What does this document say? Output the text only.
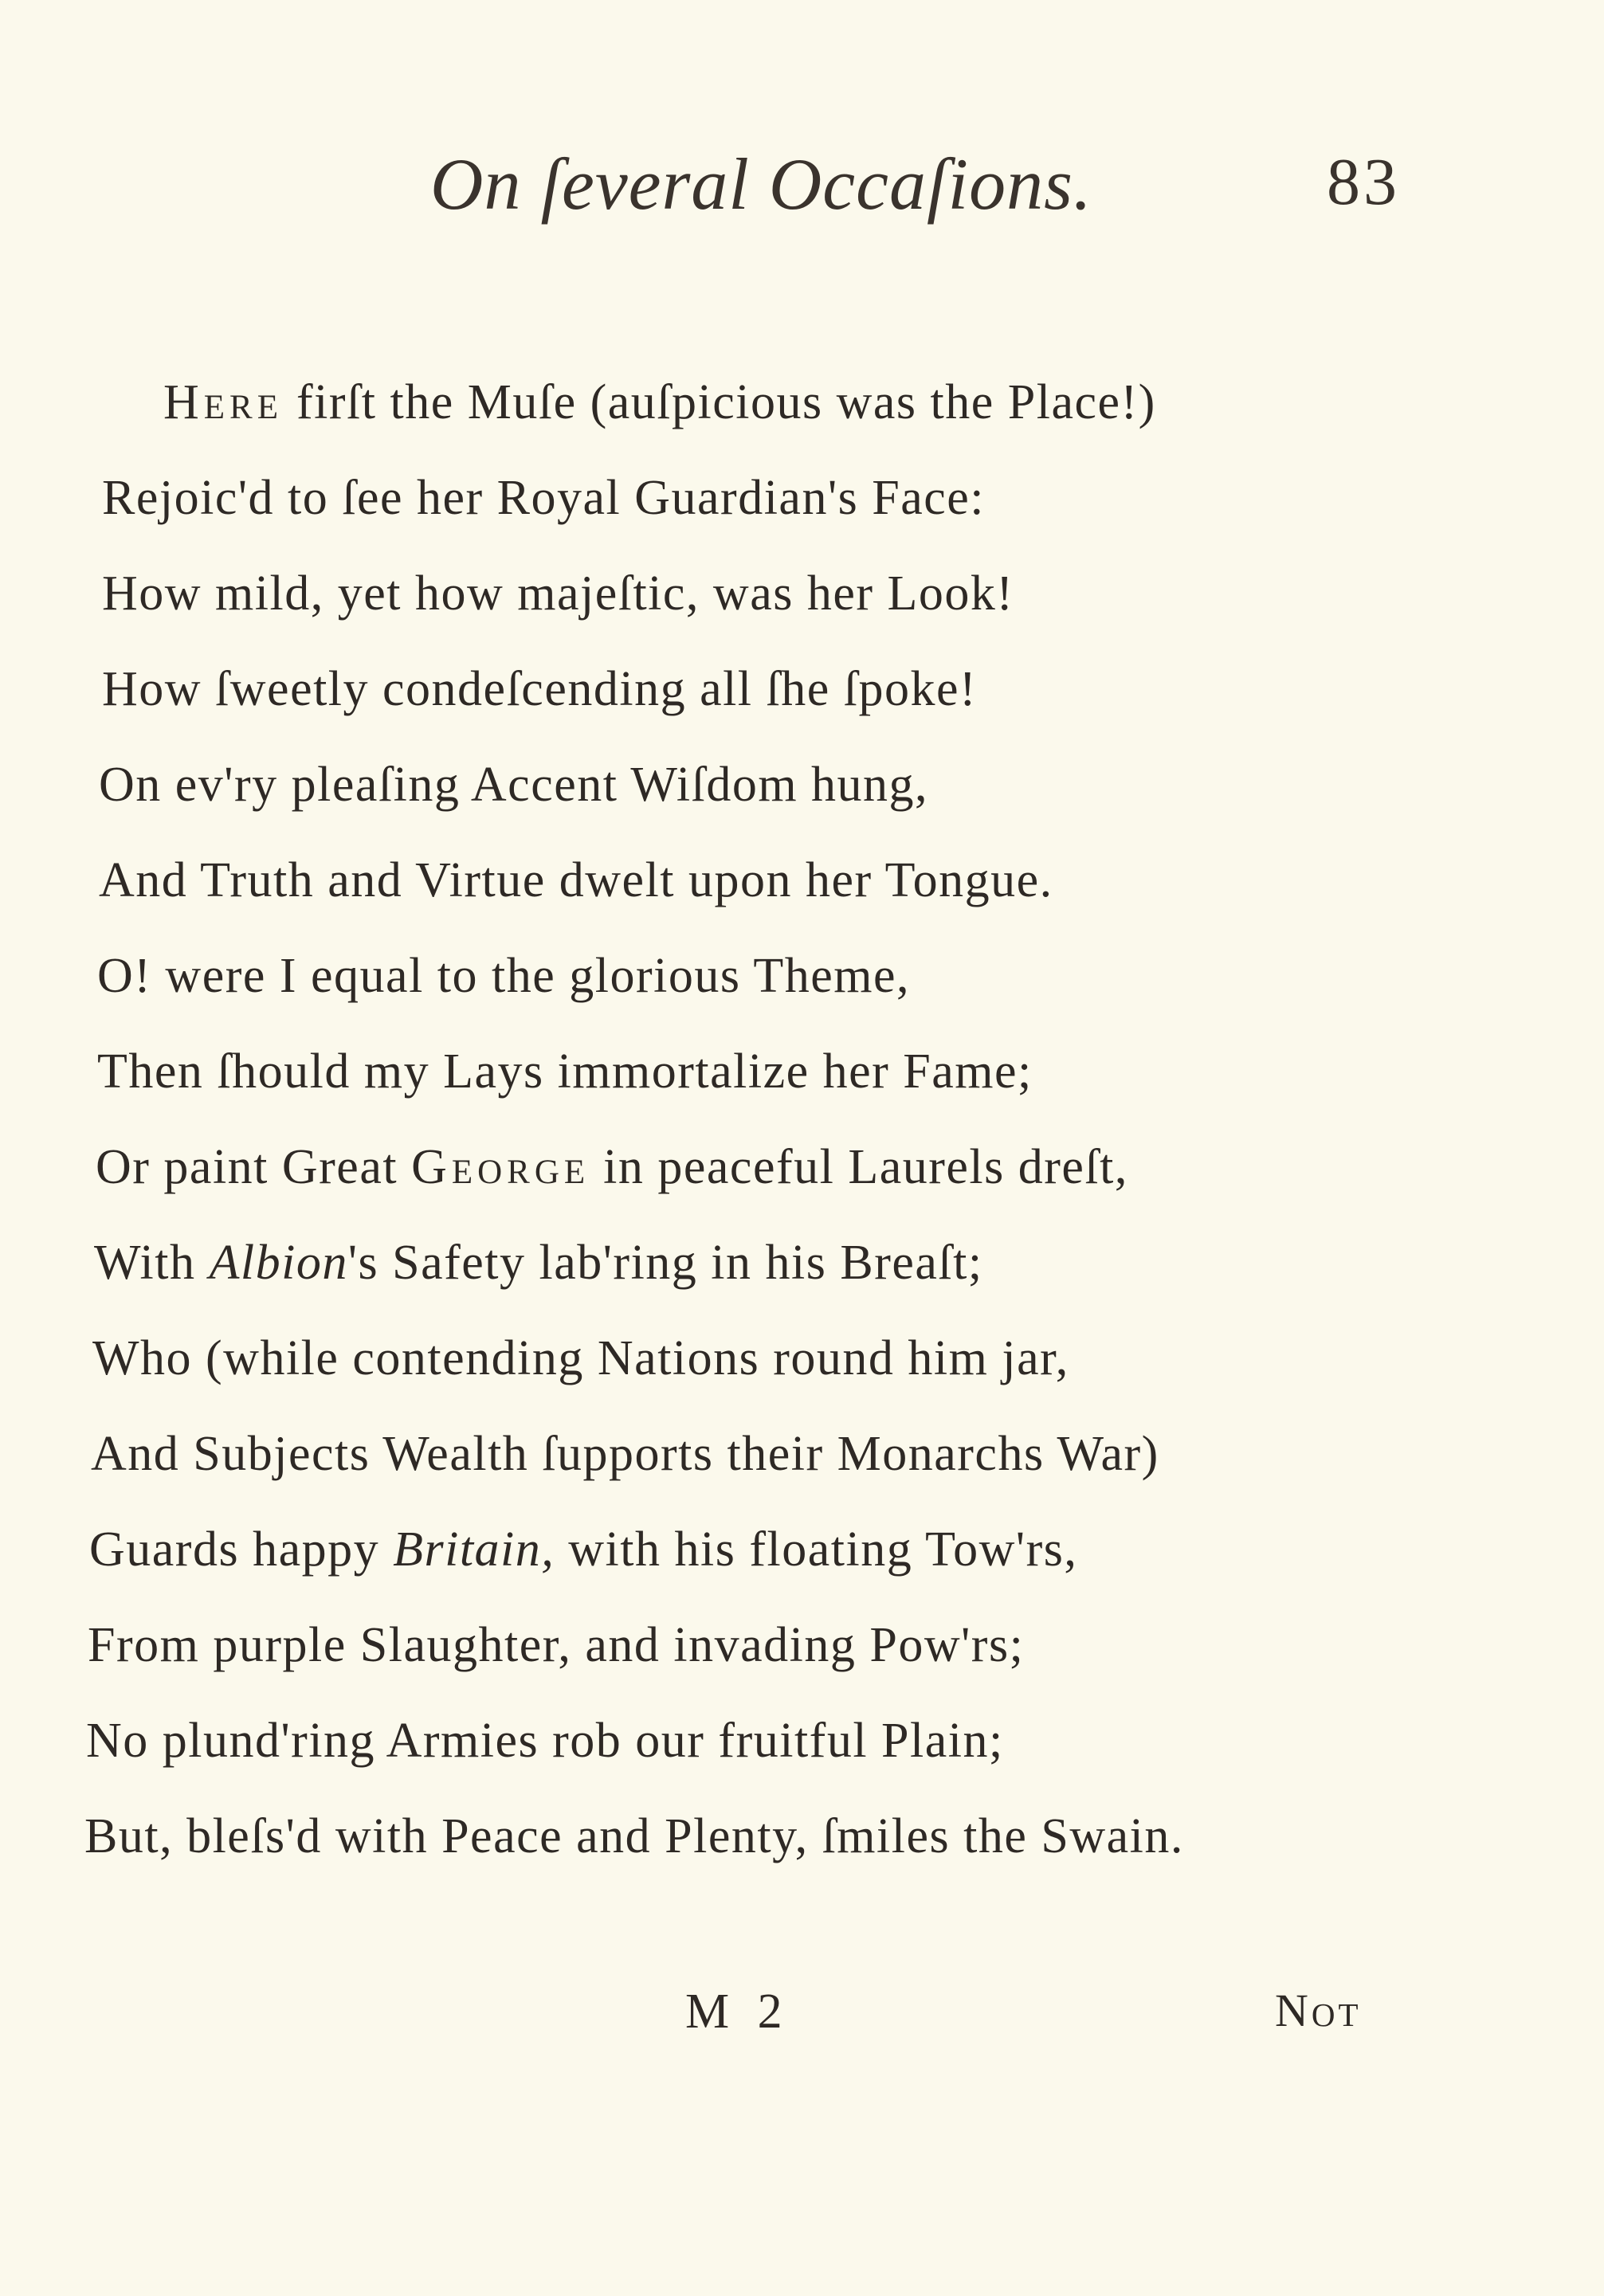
On ſeveral Occaſions.	83
Here firſt the Muſe (auſpicious was the Place!)
Rejoic'd to ſee her Royal Guardian's Face:
How mild, yet how majeſtic, was her Look!
How ſweetly condeſcending all ſhe ſpoke!
On ev'ry pleaſing Accent Wiſdom hung,
And Truth and Virtue dwelt upon her Tongue.
O! were I equal to the glorious Theme,
Then ſhould my Lays immortalize her Fame;
Or paint Great George in peaceful Laurels dreſt,
With Albion's Safety lab'ring in his Breaſt;
Who (while contending Nations round him jar,
And Subjects Wealth ſupports their Monarchs War)
Guards happy Britain, with his floating Tow'rs,
From purple Slaughter, and invading Pow'rs;
No plund'ring Armies rob our fruitful Plain;
But, bleſs'd with Peace and Plenty, ſmiles the Swain.
M 2	Not
